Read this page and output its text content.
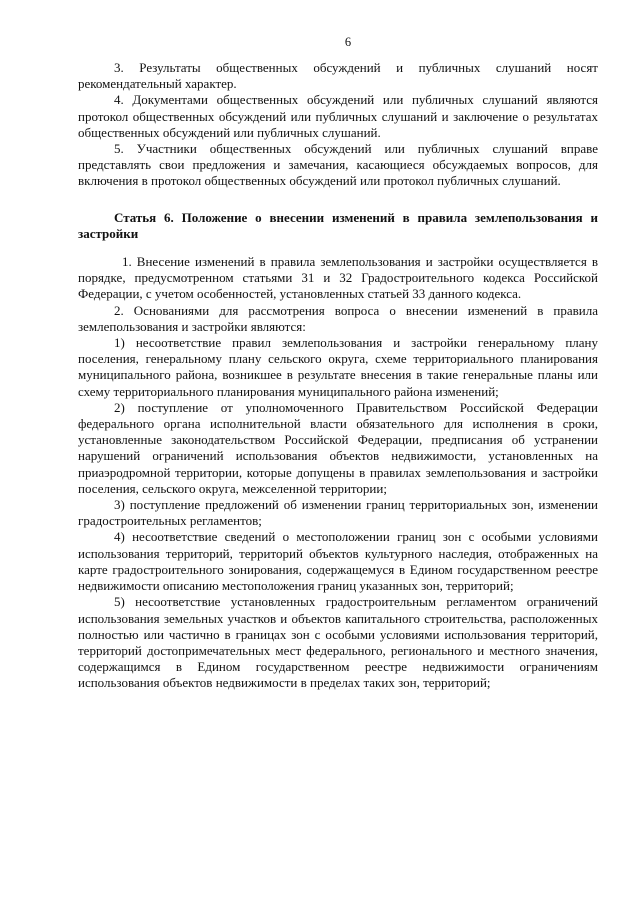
6

3. Результаты общественных обсуждений и публичных слушаний носят рекомендательный характер.

4. Документами общественных обсуждений или публичных слушаний являются протокол общественных обсуждений или публичных слушаний и заключение о результатах общественных обсуждений или публичных слушаний.

5. Участники общественных обсуждений или публичных слушаний вправе представлять свои предложения и замечания, касающиеся обсуждаемых вопросов, для включения в протокол общественных обсуждений или протокол публичных слушаний.

Статья 6. Положение о внесении изменений в правила землепользования и застройки

1. Внесение изменений в правила землепользования и застройки осуществляется в порядке, предусмотренном статьями 31 и 32 Градостроительного кодекса Российской Федерации, с учетом особенностей, установленных статьей 33 данного кодекса.

2. Основаниями для рассмотрения вопроса о внесении изменений в правила землепользования и застройки являются:

1) несоответствие правил землепользования и застройки генеральному плану поселения, генеральному плану сельского округа, схеме территориального планирования муниципального района, возникшее в результате внесения в такие генеральные планы или схему территориального планирования муниципального района изменений;

2) поступление от уполномоченного Правительством Российской Федерации федерального органа исполнительной власти обязательного для исполнения в сроки, установленные законодательством Российской Федерации, предписания об устранении нарушений ограничений использования объектов недвижимости, установленных на приаэродромной территории, которые допущены в правилах землепользования и застройки поселения, сельского округа, межселенной территории;

3) поступление предложений об изменении границ территориальных зон, изменении градостроительных регламентов;

4) несоответствие сведений о местоположении границ зон с особыми условиями использования территорий, территорий объектов культурного наследия, отображенных на карте градостроительного зонирования, содержащемуся в Едином государственном реестре недвижимости описанию местоположения границ указанных зон, территорий;

5) несоответствие установленных градостроительным регламентом ограничений использования земельных участков и объектов капитального строительства, расположенных полностью или частично в границах зон с особыми условиями использования территорий, территорий достопримечательных мест федерального, регионального и местного значения, содержащимся в Едином государственном реестре недвижимости ограничениям использования объектов недвижимости в пределах таких зон, территорий;
